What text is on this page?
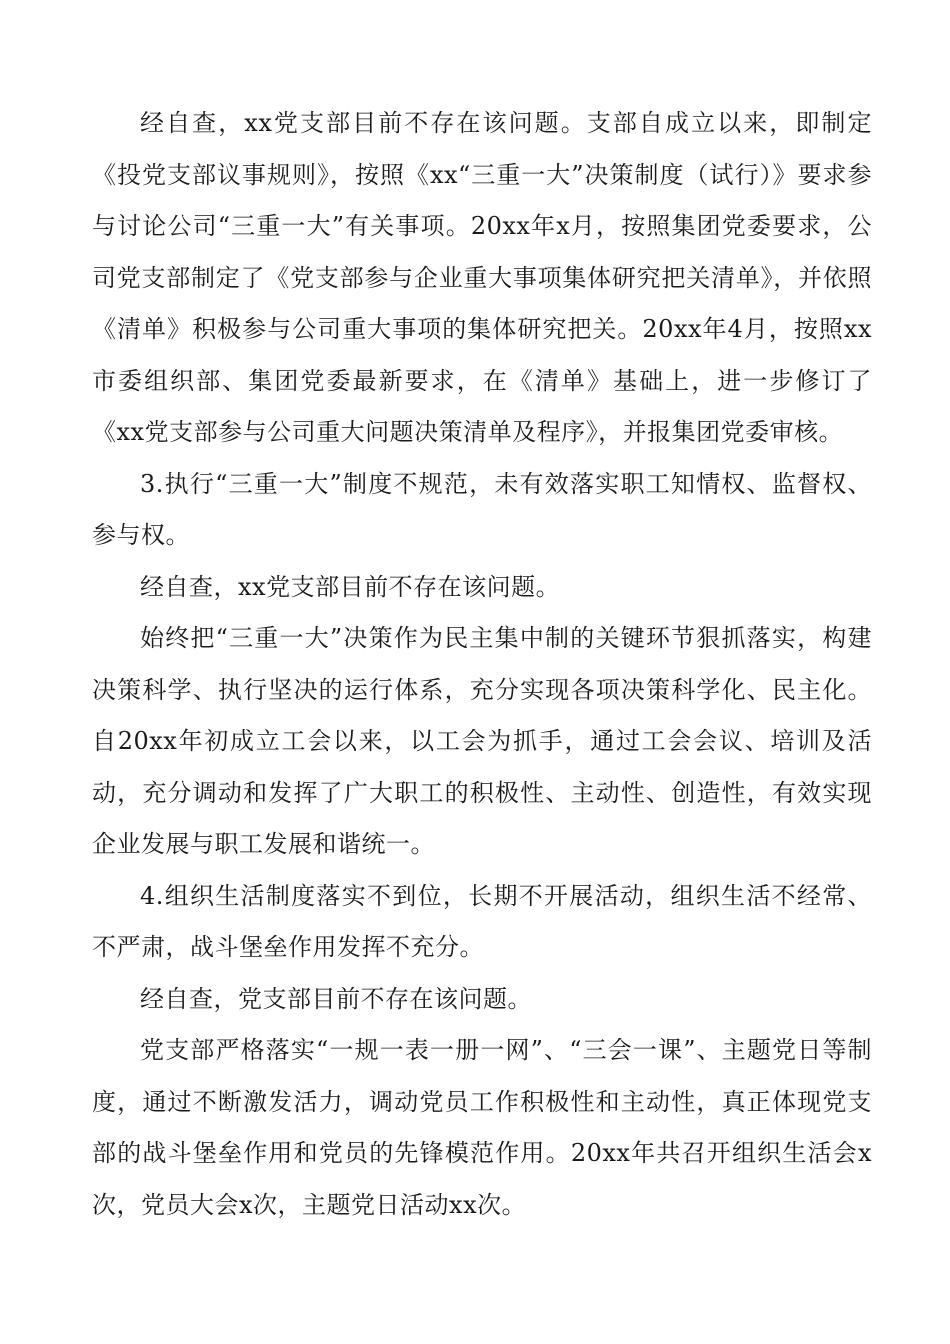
经自查，xx党支部目前不存在该问题。支部自成立以来，即制定《投党支部议事规则》，按照《xx“三重一大”决策制度（试行）》要求参与讨论公司“三重一大”有关事项。20xx年x月，按照集团党委要求，公司党支部制定了《党支部参与企业重大事项集体研究把关清单》，并依照《清单》积极参与公司重大事项的集体研究把关。20xx年4月，按照xx市委组织部、集团党委最新要求，在《清单》基础上，进一步修订了《xx党支部参与公司重大问题决策清单及程序》，并报集团党委审核。

3.执行“三重一大”制度不规范，未有效落实职工知情权、监督权、参与权。

经自查，xx党支部目前不存在该问题。

始终把“三重一大”决策作为民主集中制的关键环节狠抓落实，构建决策科学、执行坚决的运行体系，充分实现各项决策科学化、民主化。自20xx年初成立工会以来，以工会为抓手，通过工会会议、培训及活动，充分调动和发挥了广大职工的积极性、主动性、创造性，有效实现企业发展与职工发展和谐统一。

4.组织生活制度落实不到位，长期不开展活动，组织生活不经常、不严肃，战斗堡垒作用发挥不充分。

经自查，党支部目前不存在该问题。

党支部严格落实“一规一表一册一网”、“三会一课”、主题党日等制度，通过不断激发活力，调动党员工作积极性和主动性，真正体现党支部的战斗堡垒作用和党员的先锋模范作用。20xx年共召开组织生活会x次，党员大会x次，主题党日活动xx次。
